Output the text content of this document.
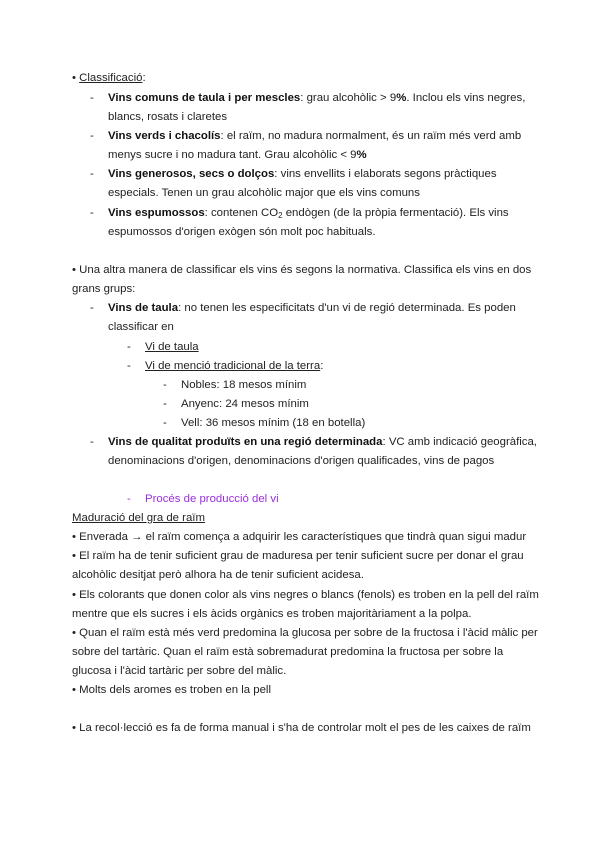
• Classificació:
- Vins comuns de taula i per mescles: grau alcohòlic > 9%. Inclou els vins negres,
blancs, rosats i claretes
- Vins verds i chacolís: el raïm, no madura normalment, és un raïm més verd amb
menys sucre i no madura tant. Grau alcohòlic < 9%
- Vins generosos, secs o dolços: vins envellits i elaborats segons pràctiques
especials. Tenen un grau alcohòlic major que els vins comuns
- Vins espumossos: contenen $CO_2$ endògen (de la pròpia fermentació). Els vins
espumossos d'origen exògen són molt poc habituals.
• Una altra manera de classificar els vins és segons la normativa. Classifica els vins en dos
grans grups:
- Vins de taula: no tenen les especificitats d'un vi de regió determinada. Es poden
classificar en
- Vi de taula
- Vi de menció tradicional de la terra:
- Nobles: 18 mesos mínim
- Anyenc: 24 mesos mínim
- Vell: 36 mesos mínim (18 en botella)
- Vins de qualitat produïts en una regió determinada: VC amb indicació geogràfica,
denominacions d'origen, denominacions d'origen qualificades, vins de pagos
- Procés de producció del vi
Maduració del gra de raïm
• Enverada → el raïm comença a adquirir les característiques que tindrà quan sigui madur
• El raïm ha de tenir suficient grau de maduresa per tenir suficient sucre per donar el grau
alcohòlic desitjat però alhora ha de tenir suficient acidesa.
• Els colorants que donen color als vins negres o blancs (fenols) es troben en la pell del raïm
mentre que els sucres i els àcids orgànics es troben majoritàriament a la polpa.
• Quan el raïm està més verd predomina la glucosa per sobre de la fructosa i l'àcid màlic per
sobre del tartàric. Quan el raïm està sobremadurat predomina la fructosa per sobre la
glucosa i l'àcid tartàric per sobre del màlic.
• Molts dels aromes es troben en la pell
• La recol·lecció es fa de forma manual i s'ha de controlar molt el pes de les caixes de raïm
